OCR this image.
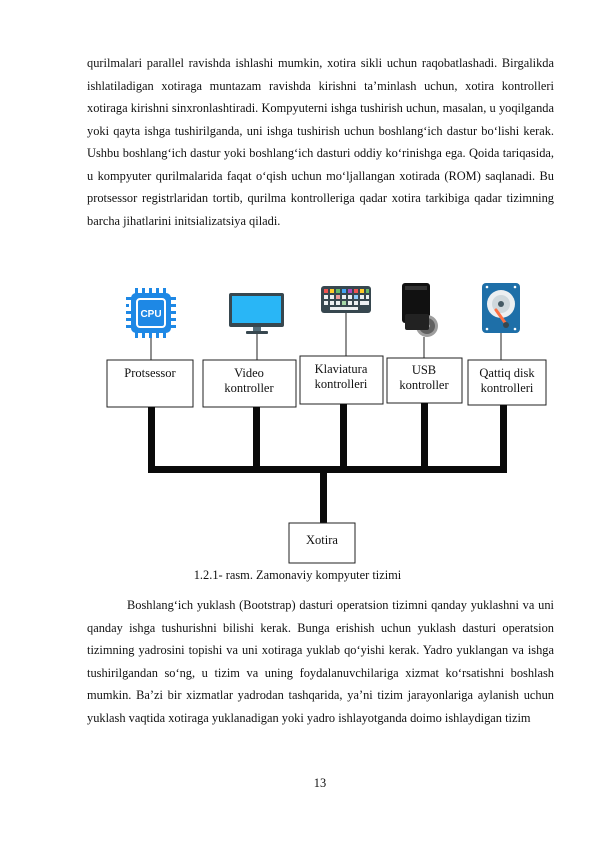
qurilmalari parallel ravishda ishlashi mumkin, xotira sikli uchun raqobatlashadi. Birgalikda ishlatiladigan xotiraga muntazam ravishda kirishni ta’minlash uchun, xotira kontrolleri xotiraga kirishni sinxronlashtiradi. Kompyuterni ishga tushirish uchun, masalan, u yoqilganda yoki qayta ishga tushirilganda, uni ishga tushirish uchun boshlang‘ich dastur bo‘lishi kerak. Ushbu boshlang‘ich dastur yoki boshlang‘ich dasturi oddiy ko‘rinishga ega. Qoida tariqasida, u kompyuter qurilmalarida faqat o‘qish uchun mo‘ljallangan xotirada (ROM) saqlanadi. Bu protsessor registrlaridan tortib, qurilma kontrolleriga qadar xotira tarkibiga qadar tizimning barcha jihatlarini initsializatsiya qiladi.

CPU
Protsessor	Video
kontroller
Klaviatura
kontrolleri
USB
kontroller
Qattiq disk
kontrolleri
Xotira

1.2.1- rasm. Zamonaviy kompyuter tizimi

Boshlang‘ich yuklash (Bootstrap) dasturi operatsion tizimni qanday yuklashni va uni qanday ishga tushurishni bilishi kerak. Bunga erishish uchun yuklash dasturi operatsion tizimning yadrosini topishi va uni xotiraga yuklab qo‘yishi kerak. Yadro yuklangan va ishga tushirilgandan so‘ng, u tizim va uning foydalanuvchilariga xizmat ko‘rsatishni boshlash mumkin. Ba’zi bir xizmatlar yadrodan tashqarida, ya’ni tizim jarayonlariga aylanish uchun yuklash vaqtida xotiraga yuklanadigan yoki yadro ishlayotganda doimo ishlaydigan tizim

13
